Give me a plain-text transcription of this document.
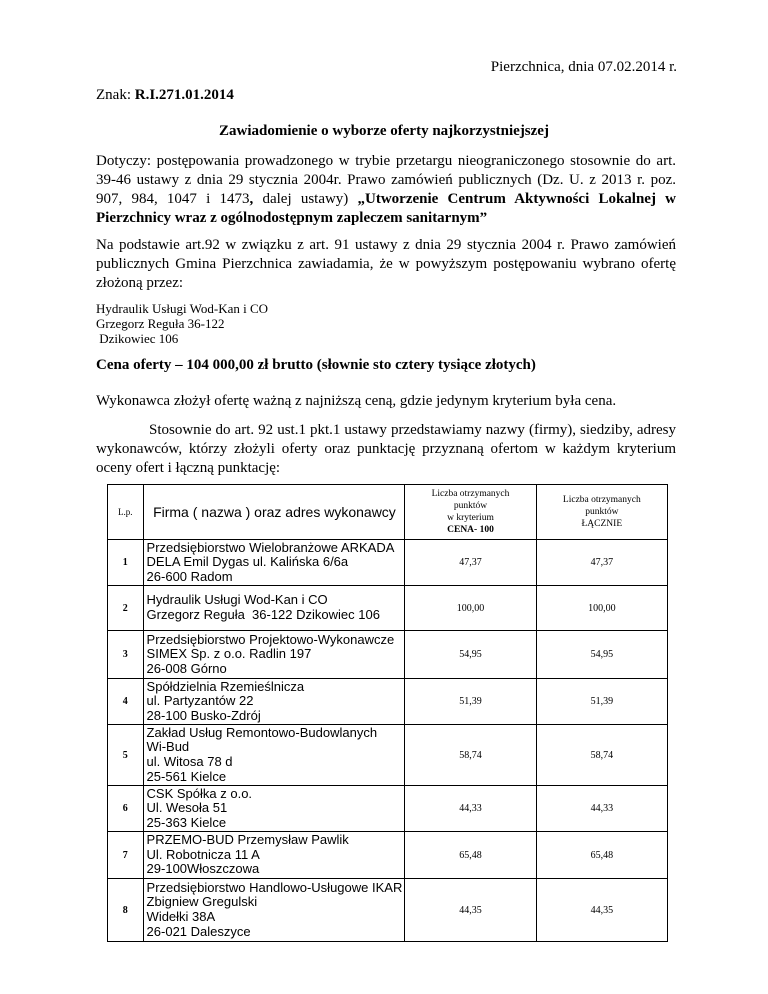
Pierzchnica, dnia 07.02.2014 r.
Znak: R.I.271.01.2014
Zawiadomienie o wyborze oferty najkorzystniejszej
Dotyczy: postępowania prowadzonego w trybie przetargu nieograniczonego stosownie do art. 39-46 ustawy z dnia 29 stycznia 2004r. Prawo zamówień publicznych (Dz. U. z 2013 r. poz. 907, 984, 1047 i 1473, dalej ustawy) „Utworzenie Centrum Aktywności Lokalnej w Pierzchnicy wraz z ogólnodostępnym zapleczem sanitarnym”
Na podstawie art.92 w związku z art. 91 ustawy z dnia 29 stycznia 2004 r. Prawo zamówień publicznych Gmina Pierzchnica zawiadamia, że w powyższym postępowaniu wybrano ofertę złożoną przez:
Hydraulik Usługi Wod-Kan i CO
Grzegorz Reguła 36-122
Dzikowiec 106
Cena oferty – 104 000,00 zł brutto (słownie sto cztery tysiące złotych)
Wykonawca złożył ofertę ważną z najniższą ceną, gdzie jedynym kryterium była cena.
Stosownie do art. 92 ust.1 pkt.1 ustawy przedstawiamy nazwy (firmy), siedziby, adresy wykonawców, którzy złożyli oferty oraz punktację przyznaną ofertom w każdym kryterium oceny ofert i łączną punktację:
L.p.	Firma ( nazwa ) oraz adres wykonawcy	Liczba otrzymanych
punktów
w kryterium
CENA- 100	Liczba otrzymanych
punktów
ŁĄCZNIE

1	Przedsiębiorstwo Wielobranżowe ARKADA
DELA Emil Dygas ul. Kalińska 6/6a
26-600 Radom	47,37	47,37
2	Hydraulik Usługi Wod-Kan i CO
Grzegorz Reguła  36-122 Dzikowiec 106	100,00	100,00
3	Przedsiębiorstwo Projektowo-Wykonawcze
SIMEX Sp. z o.o. Radlin 197
26-008 Górno	54,95	54,95
4	Spółdzielnia Rzemieślnicza
ul. Partyzantów 22
28-100 Busko-Zdrój	51,39	51,39
5	Zakład Usług Remontowo-Budowlanych
Wi-Bud
ul. Witosa 78 d
25-561 Kielce	58,74	58,74
6	CSK Spółka z o.o.
Ul. Wesoła 51
25-363 Kielce	44,33	44,33
7	PRZEMO-BUD Przemysław Pawlik
Ul. Robotnicza 11 A
29-100Włoszczowa	65,48	65,48
8	Przedsiębiorstwo Handlowo-Usługowe IKAR
Zbigniew Gregulski
Widełki 38A
26-021 Daleszyce	44,35	44,35
